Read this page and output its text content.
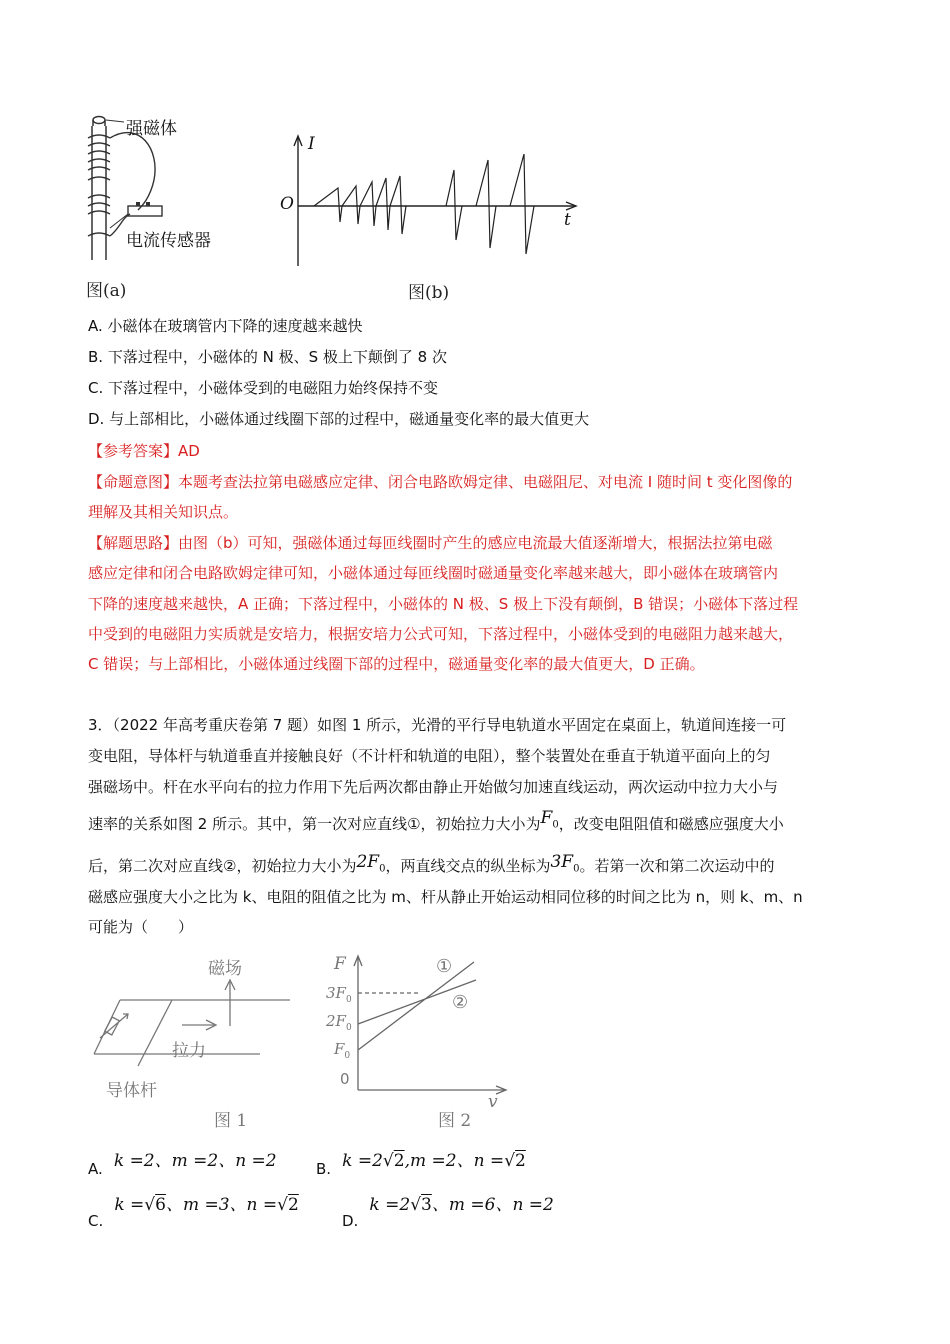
强磁体
电流传感器
图(a)
I
O
t
图(b)
A. 小磁体在玻璃管内下降的速度越来越快
B. 下落过程中，小磁体的 N 极、S 极上下颠倒了 8 次
C. 下落过程中，小磁体受到的电磁阻力始终保持不变
D. 与上部相比，小磁体通过线圈下部的过程中，磁通量变化率的最大值更大
【参考答案】AD
【命题意图】本题考查法拉第电磁感应定律、闭合电路欧姆定律、电磁阻尼、对电流 I 随时间 t 变化图像的
理解及其相关知识点。
【解题思路】由图（b）可知，强磁体通过每匝线圈时产生的感应电流最大值逐渐增大，根据法拉第电磁
感应定律和闭合电路欧姆定律可知，小磁体通过每匝线圈时磁通量变化率越来越大，即小磁体在玻璃管内
下降的速度越来越快，A 正确；下落过程中，小磁体的 N 极、S 极上下没有颠倒，B 错误；小磁体下落过程
中受到的电磁阻力实质就是安培力，根据安培力公式可知，下落过程中，小磁体受到的电磁阻力越来越大，
C 错误；与上部相比，小磁体通过线圈下部的过程中，磁通量变化率的最大值更大，D 正确。
3．（2022 年高考重庆卷第 7 题）如图 1 所示，光滑的平行导电轨道水平固定在桌面上，轨道间连接一可
变电阻，导体杆与轨道垂直并接触良好（不计杆和轨道的电阻），整个装置处在垂直于轨道平面向上的匀
强磁场中。杆在水平向右的拉力作用下先后两次都由静止开始做匀加速直线运动，两次运动中拉力大小与
速率的关系如图 2 所示。其中，第一次对应直线①，初始拉力大小为$F_0$，改变电阻阻值和磁感应强度大小
后，第二次对应直线②，初始拉力大小为$2F_0$，两直线交点的纵坐标为$3F_0$。若第一次和第二次运动中的
磁感应强度大小之比为 k、电阻的阻值之比为 m、杆从静止开始运动相同位移的时间之比为 n，则 k、m、n
可能为（　　）
磁场
拉力
导体杆
图 1
F
$3F_0$
$2F_0$
$F_0$
0
v
①
②
图 2
A. k =2、m =2、n =2	B. k =2√2,m =2、n =√2
C. k =√6、m =3、n =√2
D. k =2√3、m =6、n =2
